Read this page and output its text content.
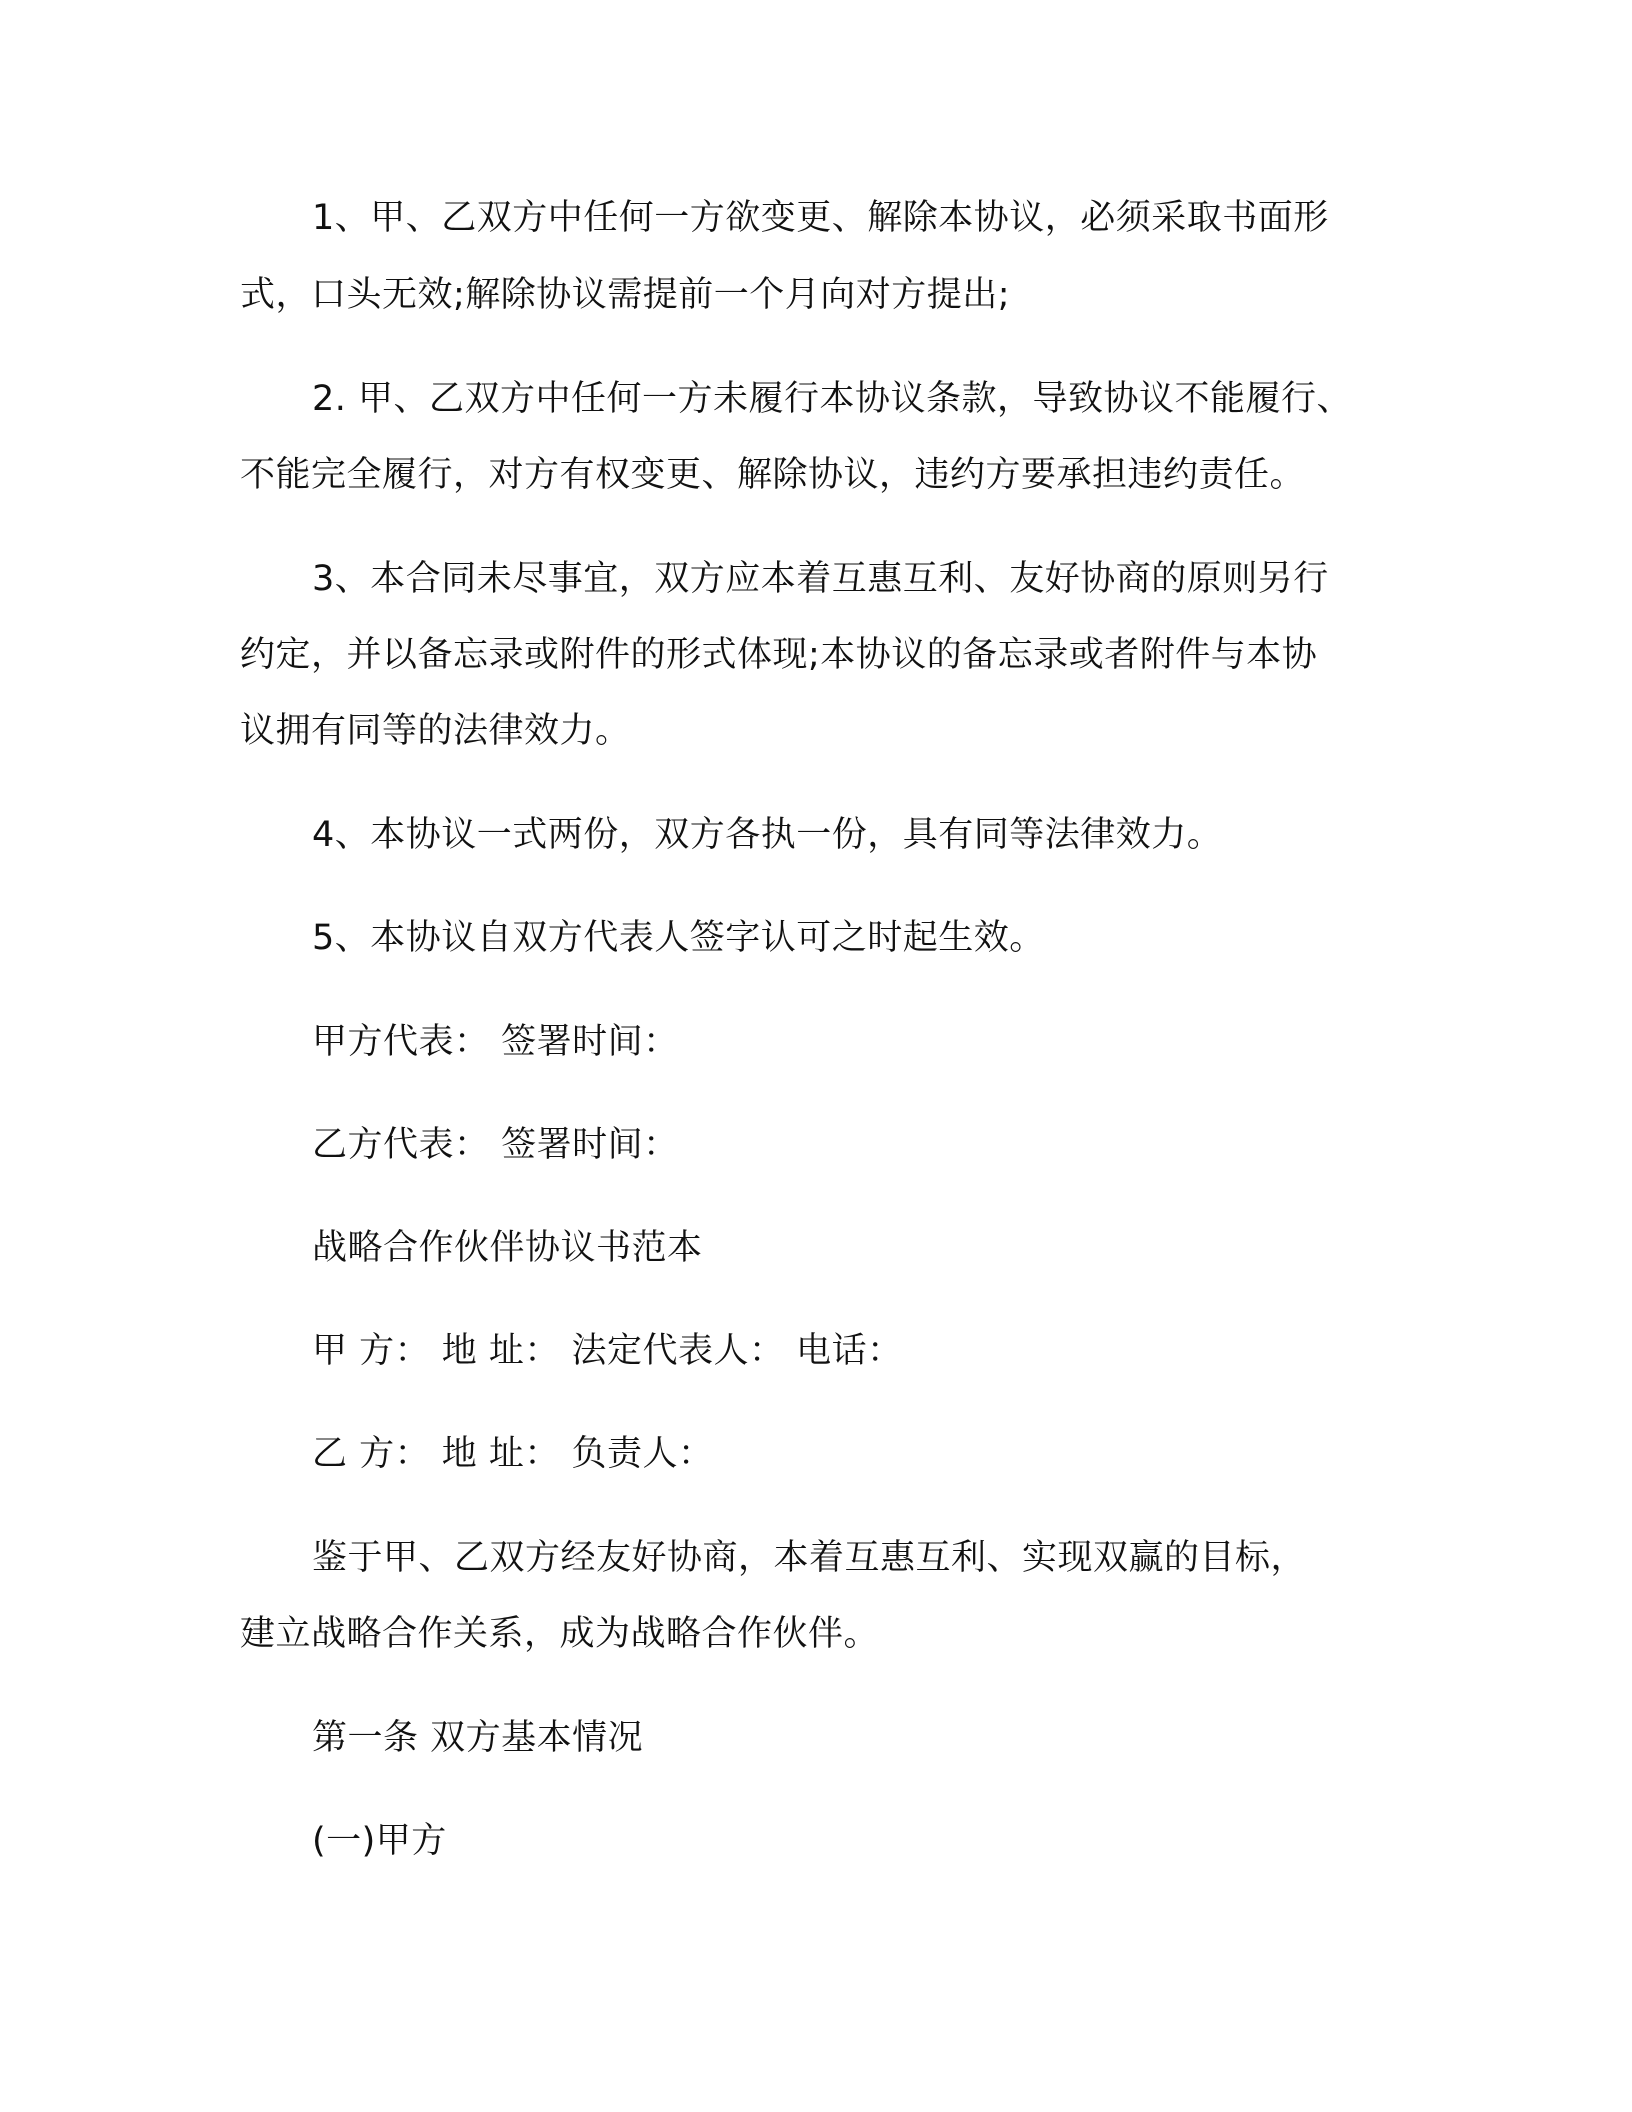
1、甲、乙双方中任何一方欲变更、解除本协议，必须采取书面形
式，口头无效;解除协议需提前一个月向对方提出;
2. 甲、乙双方中任何一方未履行本协议条款，导致协议不能履行、
不能完全履行，对方有权变更、解除协议，违约方要承担违约责任。
3、本合同未尽事宜，双方应本着互惠互利、友好协商的原则另行
约定，并以备忘录或附件的形式体现;本协议的备忘录或者附件与本协
议拥有同等的法律效力。
4、本协议一式两份，双方各执一份，具有同等法律效力。
5、本协议自双方代表人签字认可之时起生效。
甲方代表： 签署时间：
乙方代表： 签署时间：
战略合作伙伴协议书范本
甲 方： 地 址： 法定代表人： 电话：
乙 方： 地 址： 负责人：
鉴于甲、乙双方经友好协商，本着互惠互利、实现双赢的目标，
建立战略合作关系，成为战略合作伙伴。
第一条 双方基本情况
(一)甲方
